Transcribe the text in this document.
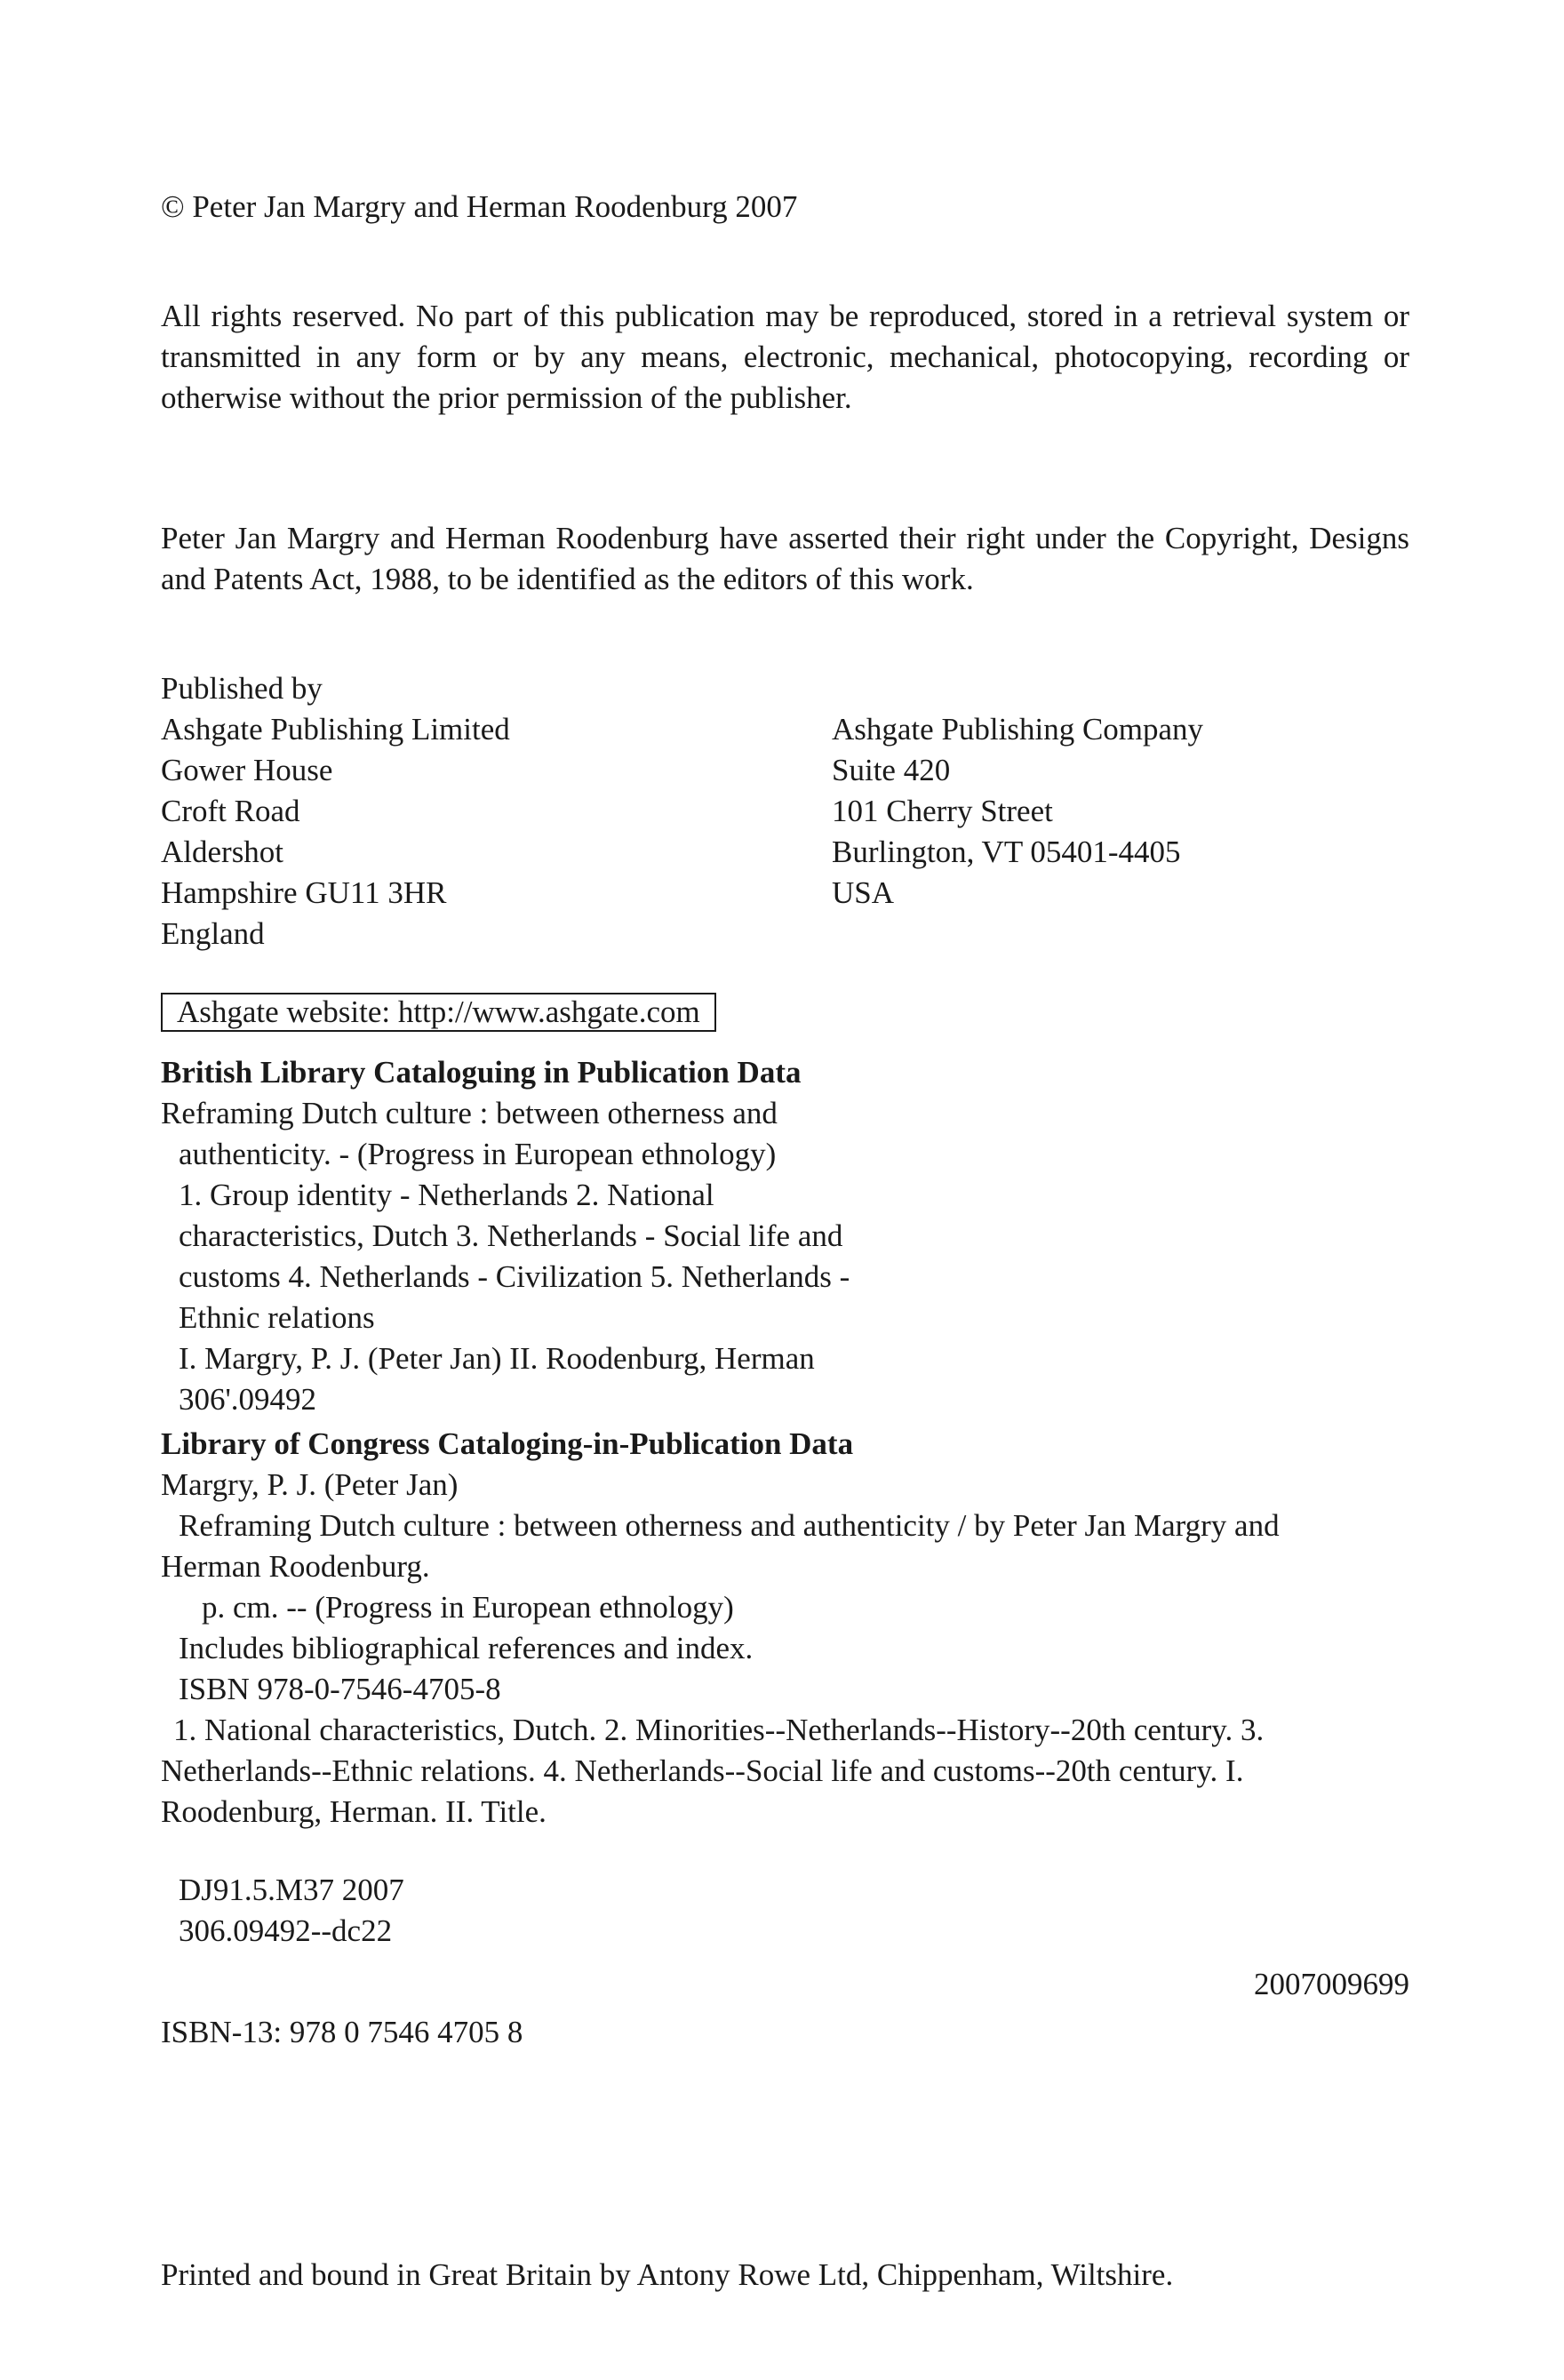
© Peter Jan Margry and Herman Roodenburg 2007

All rights reserved. No part of this publication may be reproduced, stored in a retrieval system or transmitted in any form or by any means, electronic, mechanical, photocopying, recording or otherwise without the prior permission of the publisher.

Peter Jan Margry and Herman Roodenburg have asserted their right under the Copyright, Designs and Patents Act, 1988, to be identified as the editors of this work.

Published by

Ashgate Publishing Limited

Gower House

Croft Road

Aldershot

Hampshire GU11 3HR

England

Ashgate Publishing Company

Suite 420

101 Cherry Street

Burlington, VT 05401-4405

USA

Ashgate website: http://www.ashgate.com

British Library Cataloguing in Publication Data

Reframing Dutch culture : between otherness and

authenticity. - (Progress in European ethnology)

1. Group identity - Netherlands 2. National

characteristics, Dutch 3. Netherlands - Social life and

customs 4. Netherlands - Civilization 5. Netherlands -

Ethnic relations

I. Margry, P. J. (Peter Jan) II. Roodenburg, Herman

306'.09492

Library of Congress Cataloging-in-Publication Data

Margry, P. J. (Peter Jan)

Reframing Dutch culture : between otherness and authenticity / by Peter Jan Margry and

Herman Roodenburg.

p. cm. -- (Progress in European ethnology)

Includes bibliographical references and index.

ISBN 978-0-7546-4705-8

1. National characteristics, Dutch. 2. Minorities--Netherlands--History--20th century. 3.

Netherlands--Ethnic relations. 4. Netherlands--Social life and customs--20th century. I.

Roodenburg, Herman. II. Title.

DJ91.5.M37 2007

306.09492--dc22

2007009699

ISBN-13: 978 0 7546 4705 8

Printed and bound in Great Britain by Antony Rowe Ltd, Chippenham, Wiltshire.
